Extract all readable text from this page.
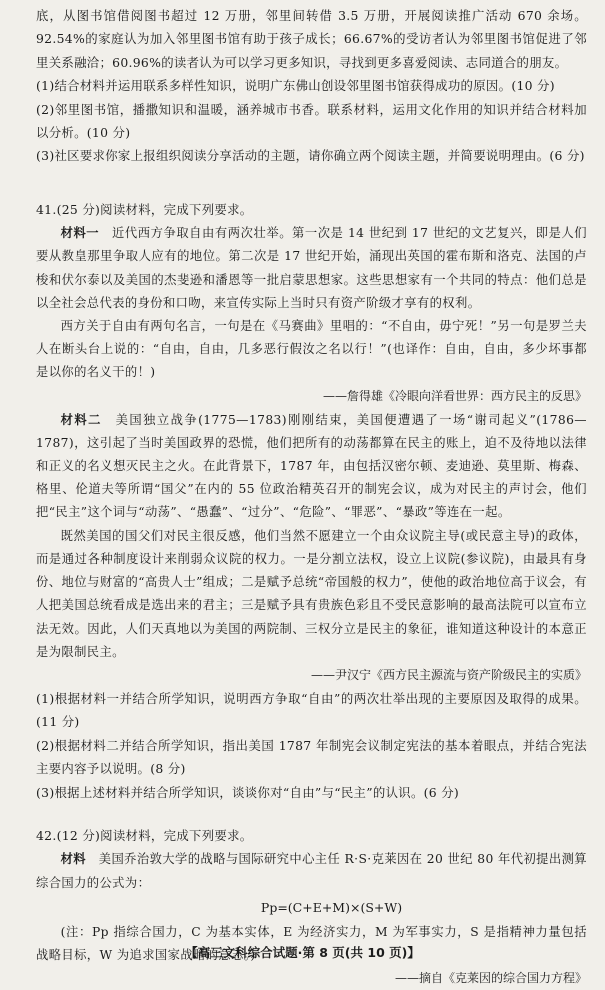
底，从图书馆借阅图书超过 12 万册，邻里间转借 3.5 万册，开展阅读推广活动 670 余场。92.54%的家庭认为加入邻里图书馆有助于孩子成长；66.67%的受访者认为邻里图书馆促进了邻里关系融洽；60.96%的读者认为可以学习更多知识，寻找到更多喜爱阅读、志同道合的朋友。

(1)结合材料并运用联系多样性知识，说明广东佛山创设邻里图书馆获得成功的原因。(10 分)

(2)邻里图书馆，播撒知识和温暖，涵养城市书香。联系材料，运用文化作用的知识并结合材料加以分析。(10 分)

(3)社区要求你家上报组织阅读分享活动的主题，请你确立两个阅读主题，并简要说明理由。(6 分)

41.(25 分)阅读材料，完成下列要求。

材料一　 近代西方争取自由有两次壮举。第一次是 14 世纪到 17 世纪的文艺复兴，即是人们要从教皇那里争取人应有的地位。第二次是 17 世纪开始，涌现出英国的霍布斯和洛克、法国的卢梭和伏尔泰以及美国的杰斐逊和潘恩等一批启蒙思想家。这些思想家有一个共同的特点：他们总是以全社会总代表的身份和口吻，来宣传实际上当时只有资产阶级才享有的权利。

西方关于自由有两句名言，一句是在《马赛曲》里唱的：“不自由，毋宁死！”另一句是罗兰夫人在断头台上说的：“自由，自由，几多恶行假汝之名以行！”(也译作：自由，自由，多少坏事都是以你的名义干的！)

——詹得雄《冷眼向洋看世界：西方民主的反思》

材料二　 美国独立战争(1775—1783)刚刚结束，美国便遭遇了一场“谢司起义”(1786—1787)，这引起了当时美国政界的恐慌，他们把所有的动荡都算在民主的账上，迫不及待地以法律和正义的名义想灭民主之火。在此背景下，1787 年，由包括汉密尔顿、麦迪逊、莫里斯、梅森、格里、伦道夫等所谓“国父”在内的 55 位政治精英召开的制宪会议，成为对民主的声讨会，他们把“民主”这个词与“动荡”、“愚蠢”、“过分”、“危险”、“罪恶”、“暴政”等连在一起。

既然美国的国父们对民主很反感，他们当然不愿建立一个由众议院主导(或民意主导)的政体，而是通过各种制度设计来削弱众议院的权力。一是分割立法权，设立上议院(参议院)，由最具有身份、地位与财富的“高贵人士”组成；二是赋予总统“帝国般的权力”，使他的政治地位高于议会，有人把美国总统看成是选出来的君主；三是赋予具有贵族色彩且不受民意影响的最高法院可以宣布立法无效。因此，人们天真地以为美国的两院制、三权分立是民主的象征，谁知道这种设计的本意正是为限制民主。

——尹汉宁《西方民主源流与资产阶级民主的实质》

(1)根据材料一并结合所学知识，说明西方争取“自由”的两次壮举出现的主要原因及取得的成果。(11 分)

(2)根据材料二并结合所学知识，指出美国 1787 年制宪会议制定宪法的基本着眼点，并结合宪法主要内容予以说明。(8 分)

(3)根据上述材料并结合所学知识，谈谈你对“自由”与“民主”的认识。(6 分)

42.(12 分)阅读材料，完成下列要求。

材料　 美国乔治敦大学的战略与国际研究中心主任 R·S·克莱因在 20 世纪 80 年代初提出测算综合国力的公式为：

Pp=(C+E+M)×(S+W)

(注：Pp 指综合国力，C 为基本实体，E 为经济实力，M 为军事实力，S 是指精神力量包括战略目标，W 为追求国家战略的意志。)

——摘自《克莱因的综合国力方程》

【高三文科综合试题·第 8 页(共 10 页)】
